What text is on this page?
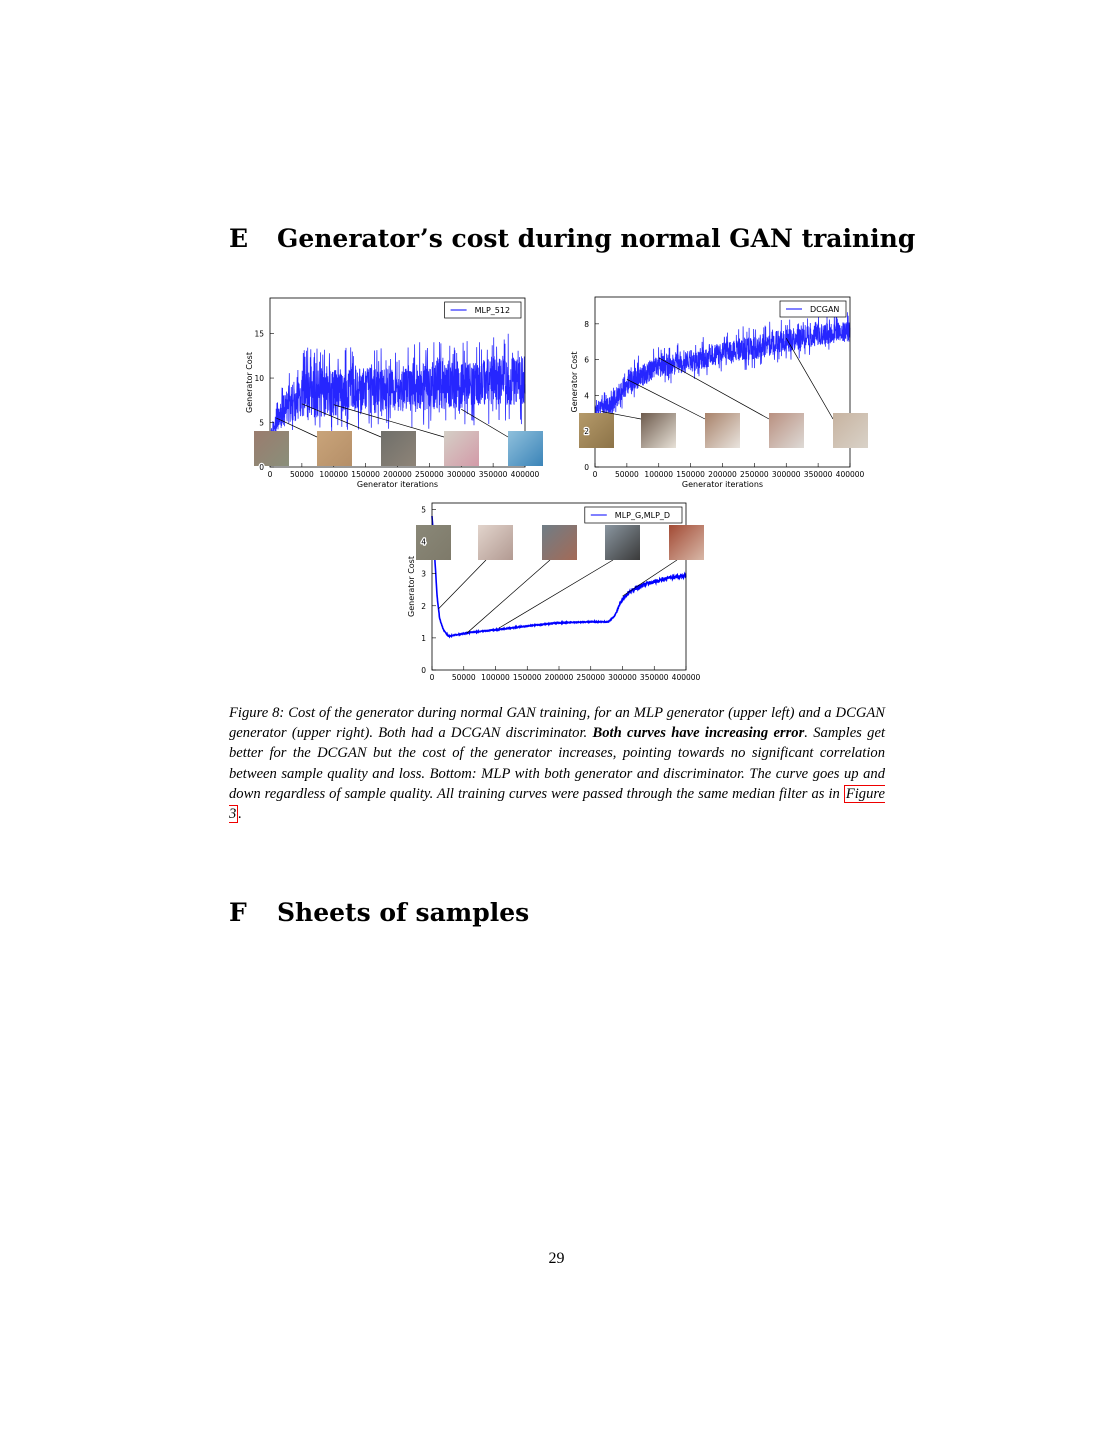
E Generator’s cost during normal GAN training
0 50000 100000 150000 200000 250000 300000 350000 400000
Generator iterations
Generator Cost
MLP_512
0
5
10
15
0 50000 100000 150000 200000 250000 300000 350000 400000
Generator iterations
Generator Cost
DCGAN
0
2
4
6
8
0 50000 100000 150000 200000 250000 300000 350000 400000
Generator Cost
MLP_G,MLP_D
0
1
2
3
4
5
Figure 8: Cost of the generator during normal GAN training, for an MLP generator (upper left) and a DCGAN generator (upper right). Both had a DCGAN discriminator. Both curves have increasing error. Samples get better for the DCGAN but the cost of the generator increases, pointing towards no significant correlation between sample quality and loss. Bottom: MLP with both generator and discriminator. The curve goes up and down regardless of sample quality. All training curves were passed through the same median filter as in Figure 3 .
F Sheets of samples
29
